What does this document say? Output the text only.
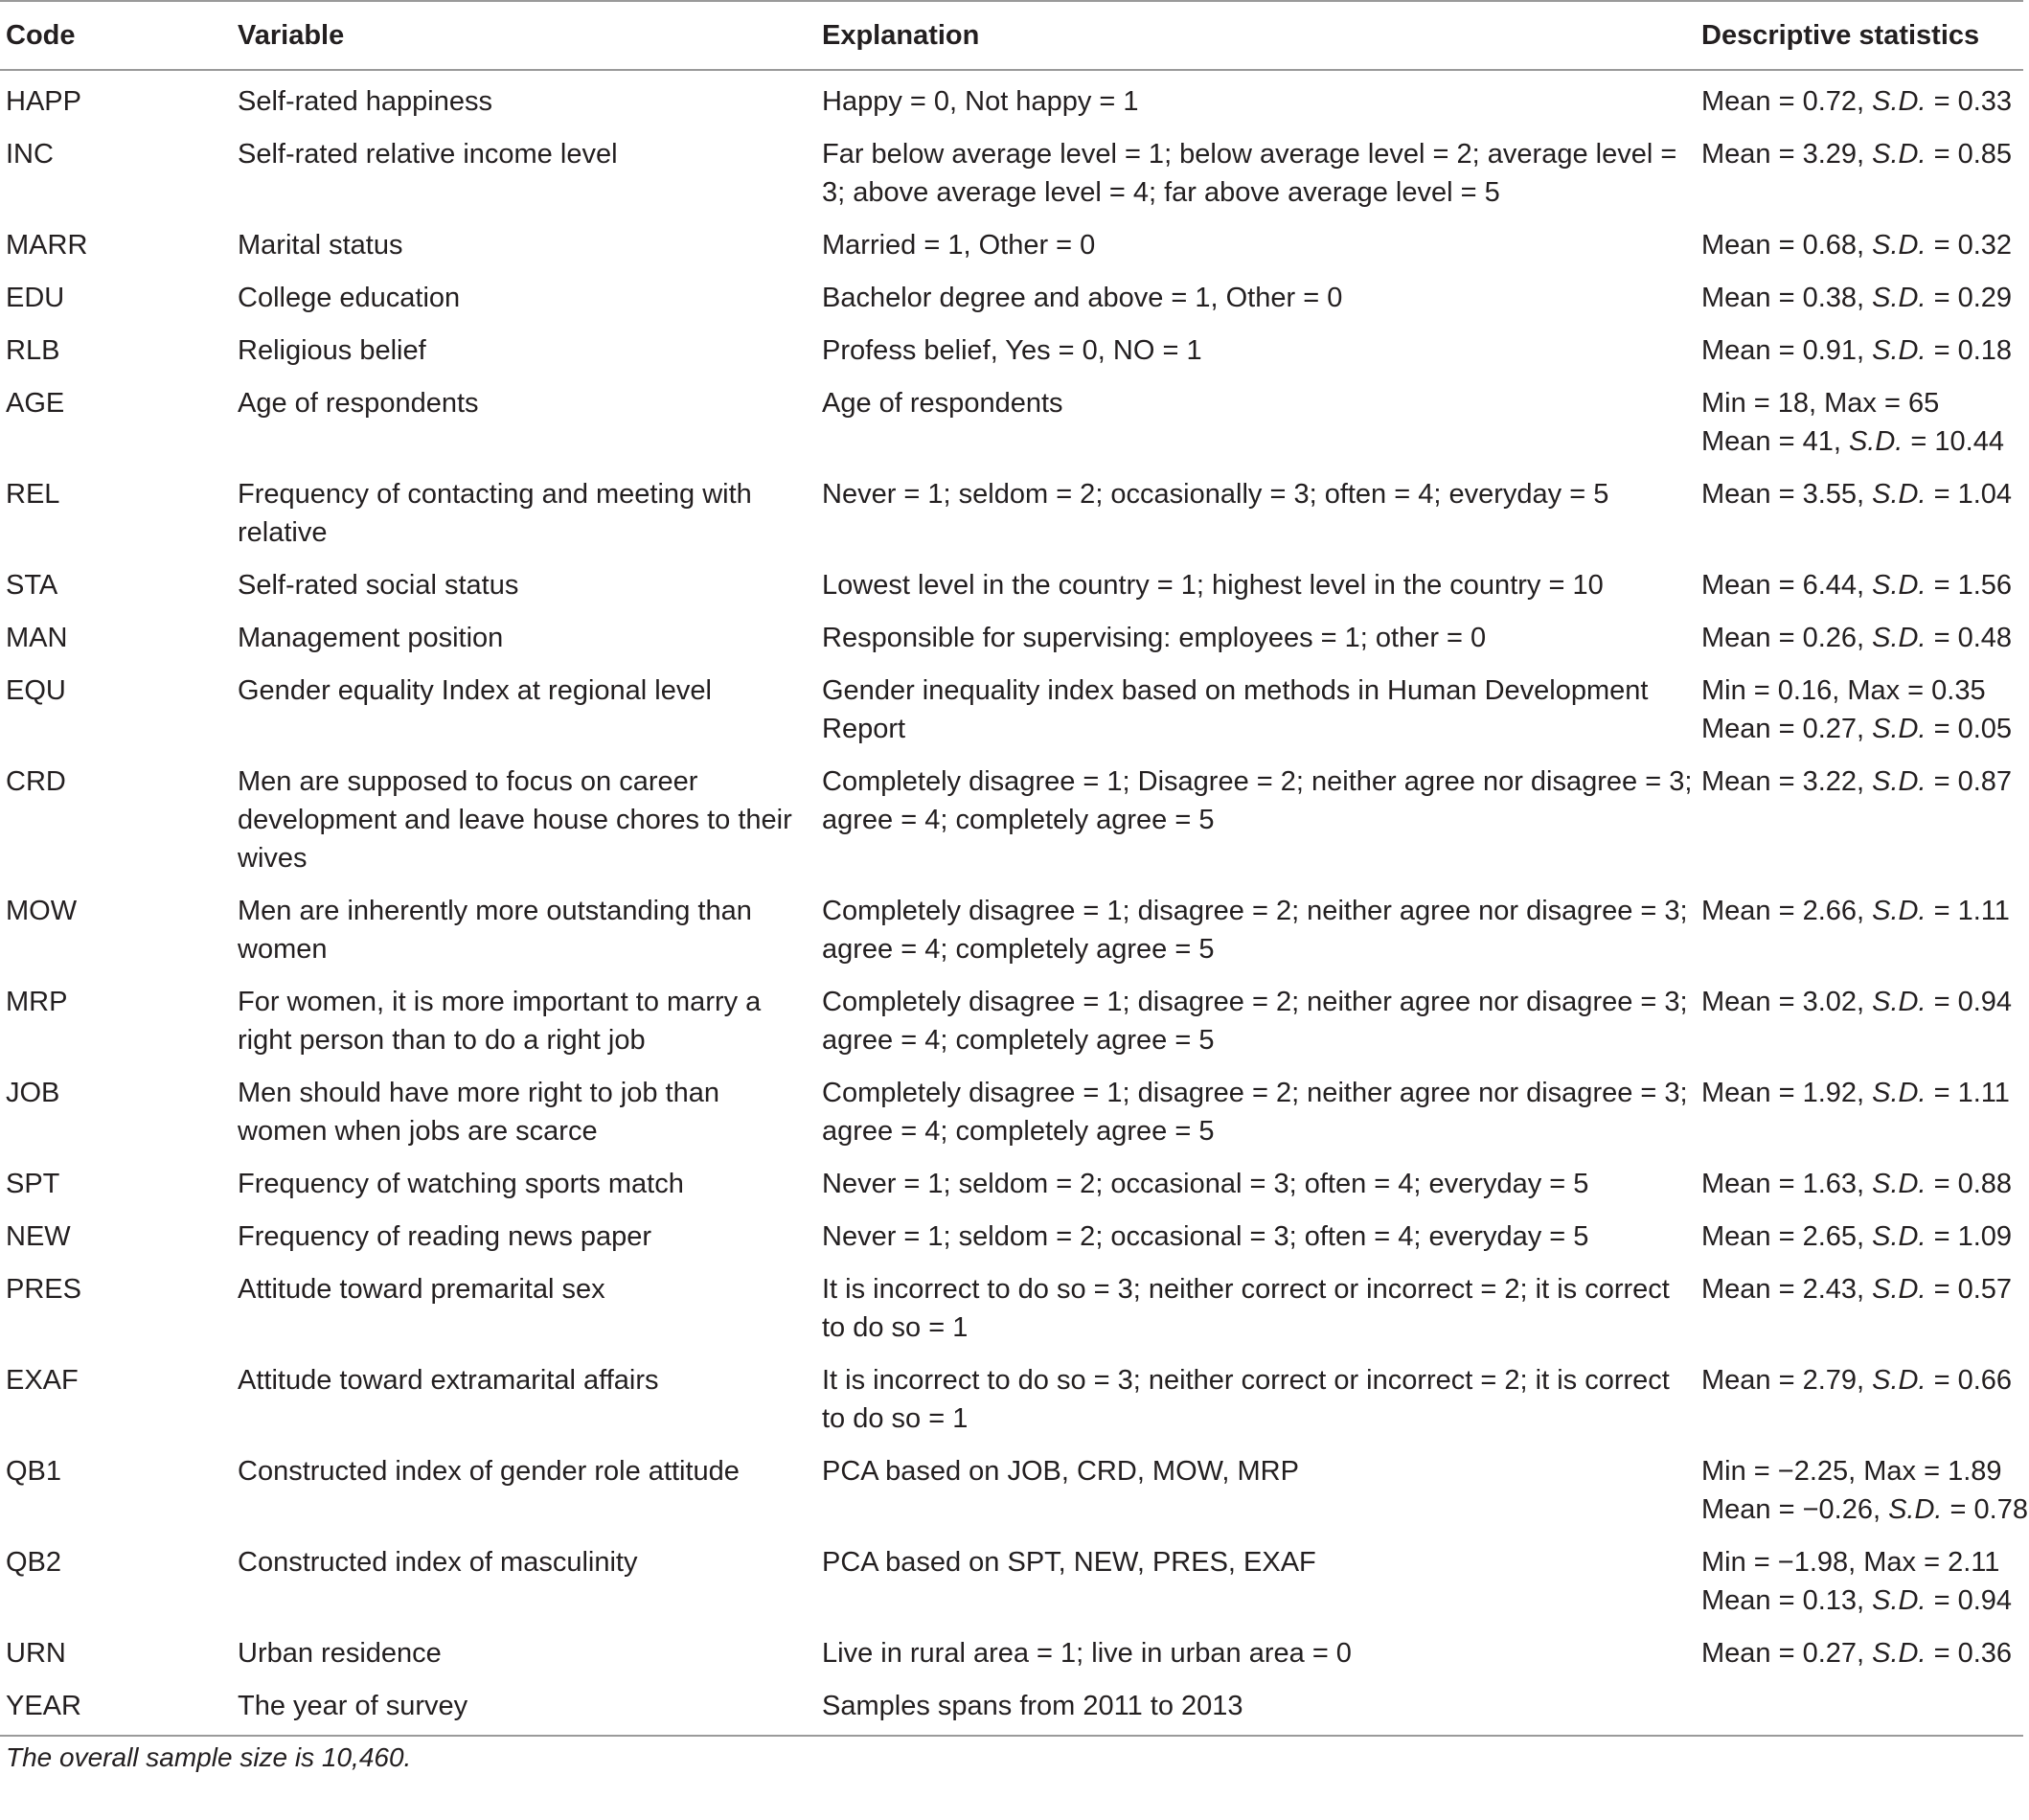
Code	Variable	Explanation	Descriptive statistics
HAPP	Self-rated happiness	Happy = 0, Not happy = 1	Mean = 0.72, S.D. = 0.33

INC	Self-rated relative income level	Far below average level = 1; below average level = 2; average level = 3; above average level = 4; far above average level = 5	Mean = 3.29, S.D. = 0.85

MARR	Marital status	Married = 1, Other = 0	Mean = 0.68, S.D. = 0.32

EDU	College education	Bachelor degree and above = 1, Other = 0	Mean = 0.38, S.D. = 0.29

RLB	Religious belief	Profess belief, Yes = 0, NO = 1	Mean = 0.91, S.D. = 0.18

AGE	Age of respondents	Age of respondents	Min = 18, Max = 65
Mean = 41, S.D. = 10.44

REL	Frequency of contacting and meeting with relative	Never = 1; seldom = 2; occasionally = 3; often = 4; everyday = 5	Mean = 3.55, S.D. = 1.04

STA	Self-rated social status	Lowest level in the country = 1; highest level in the country = 10	Mean = 6.44, S.D. = 1.56

MAN	Management position	Responsible for supervising: employees = 1; other = 0	Mean = 0.26, S.D. = 0.48

EQU	Gender equality Index at regional level	Gender inequality index based on methods in Human Development Report	Min = 0.16, Max = 0.35
Mean = 0.27, S.D. = 0.05

CRD	Men are supposed to focus on career development and leave house chores to their wives	Completely disagree = 1; Disagree = 2; neither agree nor disagree = 3; agree = 4; completely agree = 5	Mean = 3.22, S.D. = 0.87

MOW	Men are inherently more outstanding than women	Completely disagree = 1; disagree = 2; neither agree nor disagree = 3; agree = 4; completely agree = 5	Mean = 2.66, S.D. = 1.11

MRP	For women, it is more important to marry a right person than to do a right job	Completely disagree = 1; disagree = 2; neither agree nor disagree = 3; agree = 4; completely agree = 5	Mean = 3.02, S.D. = 0.94

JOB	Men should have more right to job than women when jobs are scarce	Completely disagree = 1; disagree = 2; neither agree nor disagree = 3; agree = 4; completely agree = 5	Mean = 1.92, S.D. = 1.11

SPT	Frequency of watching sports match	Never = 1; seldom = 2; occasional = 3; often = 4; everyday = 5	Mean = 1.63, S.D. = 0.88

NEW	Frequency of reading news paper	Never = 1; seldom = 2; occasional = 3; often = 4; everyday = 5	Mean = 2.65, S.D. = 1.09

PRES	Attitude toward premarital sex	It is incorrect to do so = 3; neither correct or incorrect = 2; it is correct to do so = 1	Mean = 2.43, S.D. = 0.57

EXAF	Attitude toward extramarital affairs	It is incorrect to do so = 3; neither correct or incorrect = 2; it is correct to do so = 1	Mean = 2.79, S.D. = 0.66

QB1	Constructed index of gender role attitude	PCA based on JOB, CRD, MOW, MRP	Min = −2.25, Max = 1.89
Mean = −0.26, S.D. = 0.78

QB2	Constructed index of masculinity	PCA based on SPT, NEW, PRES, EXAF	Min = −1.98, Max = 2.11
Mean = 0.13, S.D. = 0.94

URN	Urban residence	Live in rural area = 1; live in urban area = 0	Mean = 0.27, S.D. = 0.36

YEAR	The year of survey	Samples spans from 2011 to 2013	
The overall sample size is 10,460.
